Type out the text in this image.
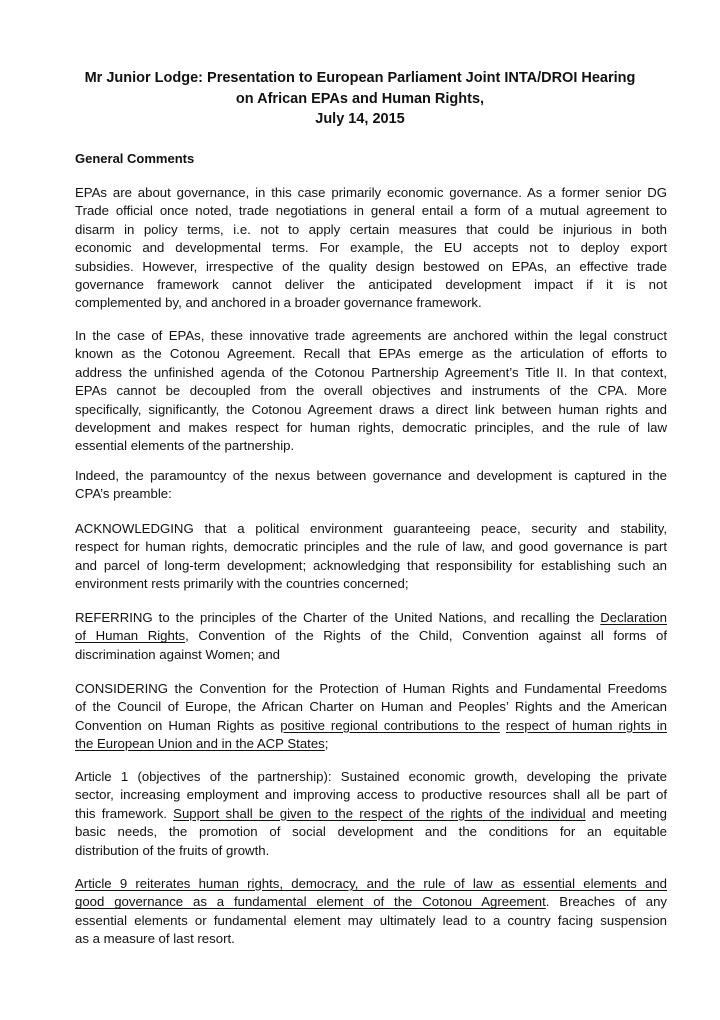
Mr Junior Lodge: Presentation to European Parliament Joint INTA/DROI Hearing
on African EPAs and Human Rights,
July 14, 2015
General Comments
EPAs are about governance, in this case primarily economic governance. As a former senior DG
Trade official once noted, trade negotiations in general entail a form of a mutual agreement to
disarm in policy terms, i.e. not to apply certain measures that could be injurious in both
economic and developmental terms. For example, the EU accepts not to deploy export
subsidies. However, irrespective of the quality design bestowed on EPAs, an effective trade
governance framework cannot deliver the anticipated development impact if it is not
complemented by, and anchored in a broader governance framework.
In the case of EPAs, these innovative trade agreements are anchored within the legal construct
known as the Cotonou Agreement. Recall that EPAs emerge as the articulation of efforts to
address the unfinished agenda of the Cotonou Partnership Agreement’s Title II. In that context,
EPAs cannot be decoupled from the overall objectives and instruments of the CPA. More
specifically, significantly, the Cotonou Agreement draws a direct link between human rights and
development and makes respect for human rights, democratic principles, and the rule of law
essential elements of the partnership.
Indeed, the paramountcy of the nexus between governance and development is captured in the
CPA’s preamble:
ACKNOWLEDGING that a political environment guaranteeing peace, security and stability,
respect for human rights, democratic principles and the rule of law, and good governance is part
and parcel of long-term development; acknowledging that responsibility for establishing such an
environment rests primarily with the countries concerned;
REFERRING to the principles of the Charter of the United Nations, and recalling the Declaration
of Human Rights, Convention of the Rights of the Child, Convention against all forms of
discrimination against Women; and
CONSIDERING the Convention for the Protection of Human Rights and Fundamental Freedoms
of the Council of Europe, the African Charter on Human and Peoples’ Rights and the American
Convention on Human Rights as positive regional contributions to the respect of human rights in
the European Union and in the ACP States;
Article 1 (objectives of the partnership): Sustained economic growth, developing the private
sector, increasing employment and improving access to productive resources shall all be part of
this framework. Support shall be given to the respect of the rights of the individual and meeting
basic needs, the promotion of social development and the conditions for an equitable
distribution of the fruits of growth.
Article 9 reiterates human rights, democracy, and the rule of law as essential elements and
good governance as a fundamental element of the Cotonou Agreement. Breaches of any
essential elements or fundamental element may ultimately lead to a country facing suspension
as a measure of last resort.
